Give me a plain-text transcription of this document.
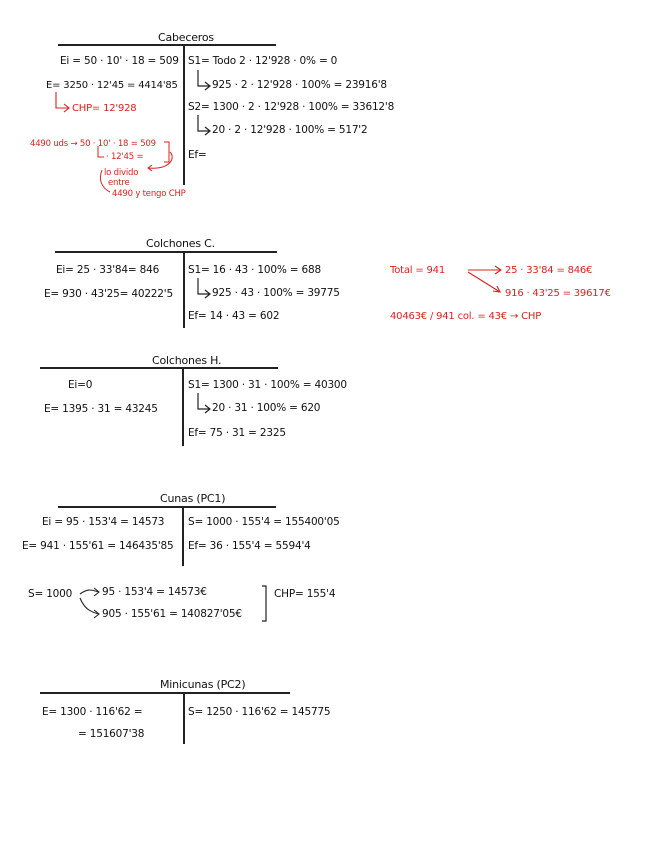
Cabeceros
Ei = 50 · 10' · 18 = 509
E= 3250 · 12'45 = 4414'85
CHP= 12'928
S1= Todo 2 · 12'928 · 0% = 0
925 · 2 · 12'928 · 100% = 23916'8
S2= 1300 · 2 · 12'928 · 100% = 33612'8
20 · 2 · 12'928 · 100% = 517'2
Ef=
4490 uds → 50 · 10' · 18 = 509
· 12'45 =
lo divido
entre
4490 y tengo CHP
Colchones C.
Ei= 25 · 33'84= 846
E= 930 · 43'25= 40222'5
S1= 16 · 43 · 100% = 688
925 · 43 · 100% = 39775
Ef= 14 · 43 = 602
Total = 941	25 · 33'84 = 846€
916 · 43'25 = 39617€
40463€ / 941 col. = 43€ → CHP
Colchones H.
Ei=0
E= 1395 · 31 = 43245
S1= 1300 · 31 · 100% = 40300
20 · 31 · 100% = 620
Ef= 75 · 31 = 2325
Cunas (PC1)
Ei = 95 · 153'4 = 14573
E= 941 · 155'61 = 146435'85
S= 1000 · 155'4 = 155400'05
Ef= 36 · 155'4 = 5594'4
S= 1000	95 · 153'4 = 14573€
905 · 155'61 = 140827'05€
CHP= 155'4
Minicunas (PC2)
E= 1300 · 116'62 =
= 151607'38
S= 1250 · 116'62 = 145775
